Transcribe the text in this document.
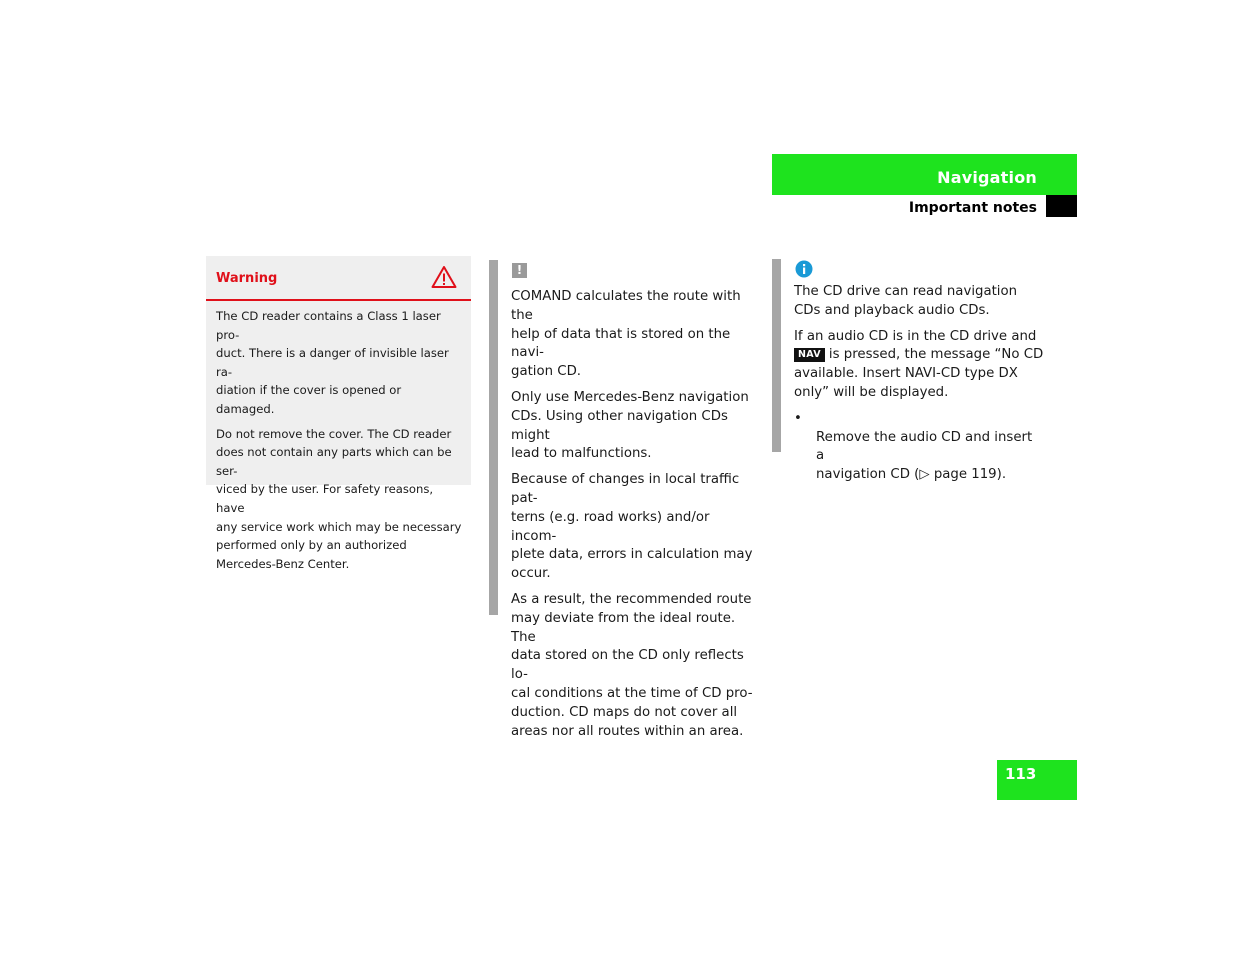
Navigation
Important notes
Warning

The CD reader contains a Class 1 laser pro-
duct. There is a danger of invisible laser ra-
diation if the cover is opened or damaged.

Do not remove the cover. The CD reader
does not contain any parts which can be ser-
viced by the user. For safety reasons, have
any service work which may be necessary
performed only by an authorized
Mercedes-Benz Center.

!

COMAND calculates the route with the
help of data that is stored on the navi-
gation CD.

Only use Mercedes-Benz navigation
CDs. Using other navigation CDs might
lead to malfunctions.

Because of changes in local traffic pat-
terns (e.g. road works) and/or incom-
plete data, errors in calculation may
occur.

As a result, the recommended route
may deviate from the ideal route. The
data stored on the CD only reflects lo-
cal conditions at the time of CD pro-
duction. CD maps do not cover all
areas nor all routes within an area.

The CD drive can read navigation CDs and playback audio CDs.

If an audio CD is in the CD drive and
NAV is pressed, the message “No CD available. Insert NAVI-CD type DX only” will be displayed.

•
Remove the audio CD and insert a
navigation CD (▷ page 119).

113
